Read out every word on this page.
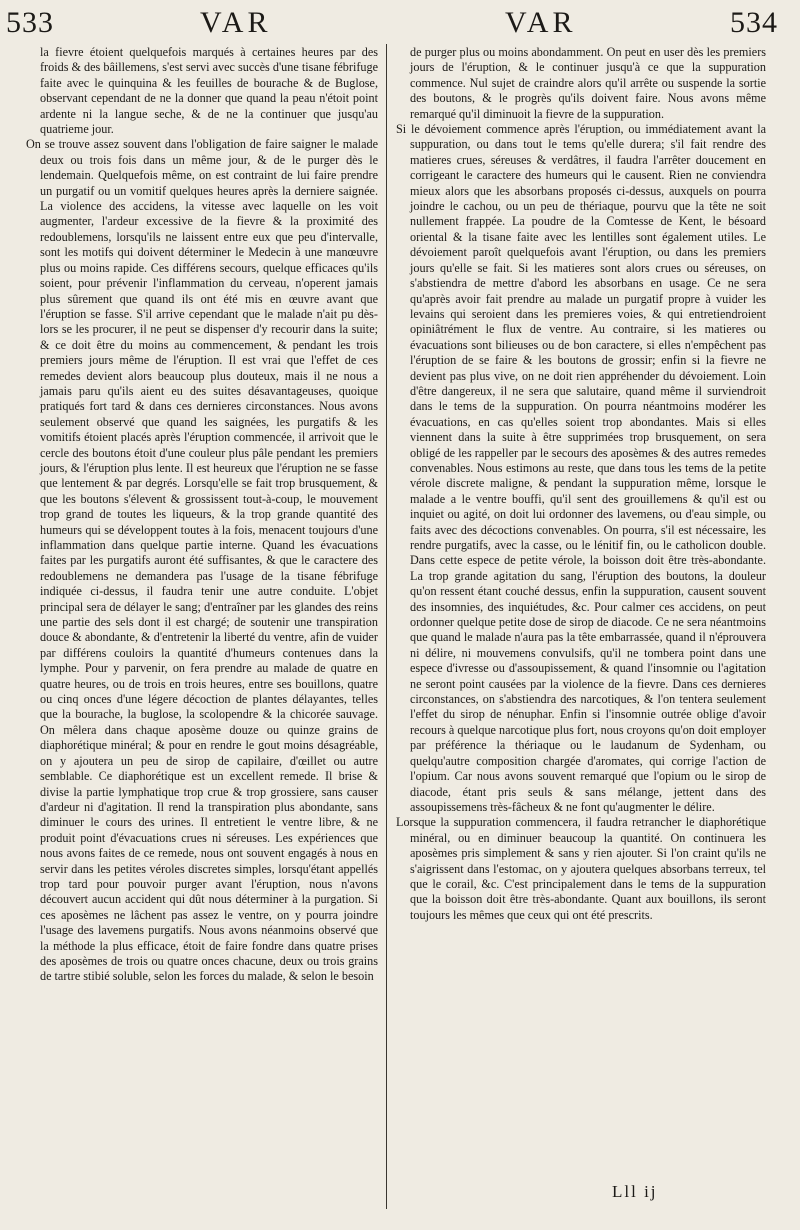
533	VAR	VAR	534

la fievre étoient quelquefois marqués à certaines heures par des froids & des bâillemens, s'est servi avec succès d'une tisane fébrifuge faite avec le quinquina & les feuilles de bourache & de Buglose, observant cependant de ne la donner que quand la peau n'étoit point ardente ni la langue seche, & de ne la continuer que jusqu'au quatrieme jour.

On se trouve assez souvent dans l'obligation de faire saigner le malade deux ou trois fois dans un même jour, & de le purger dès le lendemain. Quelquefois même, on est contraint de lui faire prendre un purgatif ou un vomitif quelques heures après la derniere saignée. La violence des accidens, la vitesse avec laquelle on les voit augmenter, l'ardeur excessive de la fievre & la proximité des redoublemens, lorsqu'ils ne laissent entre eux que peu d'intervalle, sont les motifs qui doivent déterminer le Medecin à une manœuvre plus ou moins rapide. Ces différens secours, quelque efficaces qu'ils soient, pour prévenir l'inflammation du cerveau, n'operent jamais plus sûrement que quand ils ont été mis en œuvre avant que l'éruption se fasse. S'il arrive cependant que le malade n'ait pu dès-lors se les procurer, il ne peut se dispenser d'y recourir dans la suite; & ce doit être du moins au commencement, & pendant les trois premiers jours même de l'éruption. Il est vrai que l'effet de ces remedes devient alors beaucoup plus douteux, mais il ne nous a jamais paru qu'ils aient eu des suites désavantageuses, quoique pratiqués fort tard & dans ces dernieres circonstances. Nous avons seulement observé que quand les saignées, les purgatifs & les vomitifs étoient placés après l'éruption commencée, il arrivoit que le cercle des boutons étoit d'une couleur plus pâle pendant les premiers jours, & l'éruption plus lente. Il est heureux que l'éruption ne se fasse que lentement & par degrés. Lorsqu'elle se fait trop brusquement, & que les boutons s'élevent & grossissent tout-à-coup, le mouvement trop grand de toutes les liqueurs, & la trop grande quantité des humeurs qui se développent toutes à la fois, menacent toujours d'une inflammation dans quelque partie interne. Quand les évacuations faites par les purgatifs auront été suffisantes, & que le caractere des redoublemens ne demandera pas l'usage de la tisane fébrifuge indiquée ci-dessus, il faudra tenir une autre conduite. L'objet principal sera de délayer le sang; d'entraîner par les glandes des reins une partie des sels dont il est chargé; de soutenir une transpiration douce & abondante, & d'entretenir la liberté du ventre, afin de vuider par différens couloirs la quantité d'humeurs contenues dans la lymphe. Pour y parvenir, on fera prendre au malade de quatre en quatre heures, ou de trois en trois heures, entre ses bouillons, quatre ou cinq onces d'une légere décoction de plantes délayantes, telles que la bourache, la buglose, la scolopendre & la chicorée sauvage. On mêlera dans chaque aposème douze ou quinze grains de diaphorétique minéral; & pour en rendre le gout moins désagréable, on y ajoutera un peu de sirop de capilaire, d'œillet ou autre semblable. Ce diaphorétique est un excellent remede. Il brise & divise la partie lymphatique trop crue & trop grossiere, sans causer d'ardeur ni d'agitation. Il rend la transpiration plus abondante, sans diminuer le cours des urines. Il entretient le ventre libre, & ne produit point d'évacuations crues ni séreuses. Les expériences que nous avons faites de ce remede, nous ont souvent engagés à nous en servir dans les petites véroles discretes simples, lorsqu'étant appellés trop tard pour pouvoir purger avant l'éruption, nous n'avons découvert aucun accident qui dût nous déterminer à la purgation. Si ces aposèmes ne lâchent pas assez le ventre, on y pourra joindre l'usage des lavemens purgatifs. Nous avons néanmoins observé que la méthode la plus efficace, étoit de faire fondre dans quatre prises des aposèmes de trois ou quatre onces chacune, deux ou trois grains de tartre stibié soluble, selon les forces du malade, & selon le besoin

de purger plus ou moins abondamment. On peut en user dès les premiers jours de l'éruption, & le continuer jusqu'à ce que la suppuration commence. Nul sujet de craindre alors qu'il arrête ou suspende la sortie des boutons, & le progrès qu'ils doivent faire. Nous avons même remarqué qu'il diminuoit la fievre de la suppuration.

Si le dévoiement commence après l'éruption, ou immédiatement avant la suppuration, ou dans tout le tems qu'elle durera; s'il fait rendre des matieres crues, séreuses & verdâtres, il faudra l'arrêter doucement en corrigeant le caractere des humeurs qui le causent. Rien ne conviendra mieux alors que les absorbans proposés ci-dessus, auxquels on pourra joindre le cachou, ou un peu de thériaque, pourvu que la tête ne soit nullement frappée. La poudre de la Comtesse de Kent, le bésoard oriental & la tisane faite avec les lentilles sont également utiles. Le dévoiement paroît quelquefois avant l'éruption, ou dans les premiers jours qu'elle se fait. Si les matieres sont alors crues ou séreuses, on s'abstiendra de mettre d'abord les absorbans en usage. Ce ne sera qu'après avoir fait prendre au malade un purgatif propre à vuider les levains qui seroient dans les premieres voies, & qui entretiendroient opiniâtrément le flux de ventre. Au contraire, si les matieres ou évacuations sont bilieuses ou de bon caractere, si elles n'empêchent pas l'éruption de se faire & les boutons de grossir; enfin si la fievre ne devient pas plus vive, on ne doit rien appréhender du dévoiement. Loin d'être dangereux, il ne sera que salutaire, quand même il surviendroit dans le tems de la suppuration. On pourra néantmoins modérer les évacuations, en cas qu'elles soient trop abondantes. Mais si elles viennent dans la suite à être supprimées trop brusquement, on sera obligé de les rappeller par le secours des aposèmes & des autres remedes convenables. Nous estimons au reste, que dans tous les tems de la petite vérole discrete maligne, & pendant la suppuration même, lorsque le malade a le ventre bouffi, qu'il sent des grouillemens & qu'il est ou inquiet ou agité, on doit lui ordonner des lavemens, ou d'eau simple, ou faits avec des décoctions convenables. On pourra, s'il est nécessaire, les rendre purgatifs, avec la casse, ou le lénitif fin, ou le catholicon double. Dans cette espece de petite vérole, la boisson doit être très-abondante. La trop grande agitation du sang, l'éruption des boutons, la douleur qu'on ressent étant couché dessus, enfin la suppuration, causent souvent des insomnies, des inquiétudes, &c. Pour calmer ces accidens, on peut ordonner quelque petite dose de sirop de diacode. Ce ne sera néantmoins que quand le malade n'aura pas la tête embarrassée, quand il n'éprouvera ni délire, ni mouvemens convulsifs, qu'il ne tombera point dans une espece d'ivresse ou d'assoupissement, & quand l'insomnie ou l'agitation ne seront point causées par la violence de la fievre. Dans ces dernieres circonstances, on s'abstiendra des narcotiques, & l'on tentera seulement l'effet du sirop de nénuphar. Enfin si l'insomnie outrée oblige d'avoir recours à quelque narcotique plus fort, nous croyons qu'on doit employer par préférence la thériaque ou le laudanum de Sydenham, ou quelqu'autre composition chargée d'aromates, qui corrige l'action de l'opium. Car nous avons souvent remarqué que l'opium ou le sirop de diacode, étant pris seuls & sans mélange, jettent dans des assoupissemens très-fâcheux & ne font qu'augmenter le délire.

Lorsque la suppuration commencera, il faudra retrancher le diaphorétique minéral, ou en diminuer beaucoup la quantité. On continuera les aposèmes pris simplement & sans y rien ajouter. Si l'on craint qu'ils ne s'aigrissent dans l'estomac, on y ajoutera quelques absorbans terreux, tel que le corail, &c. C'est principalement dans le tems de la suppuration que la boisson doit être très-abondante. Quant aux bouillons, ils seront toujours les mêmes que ceux qui ont été prescrits.

Lll ij
